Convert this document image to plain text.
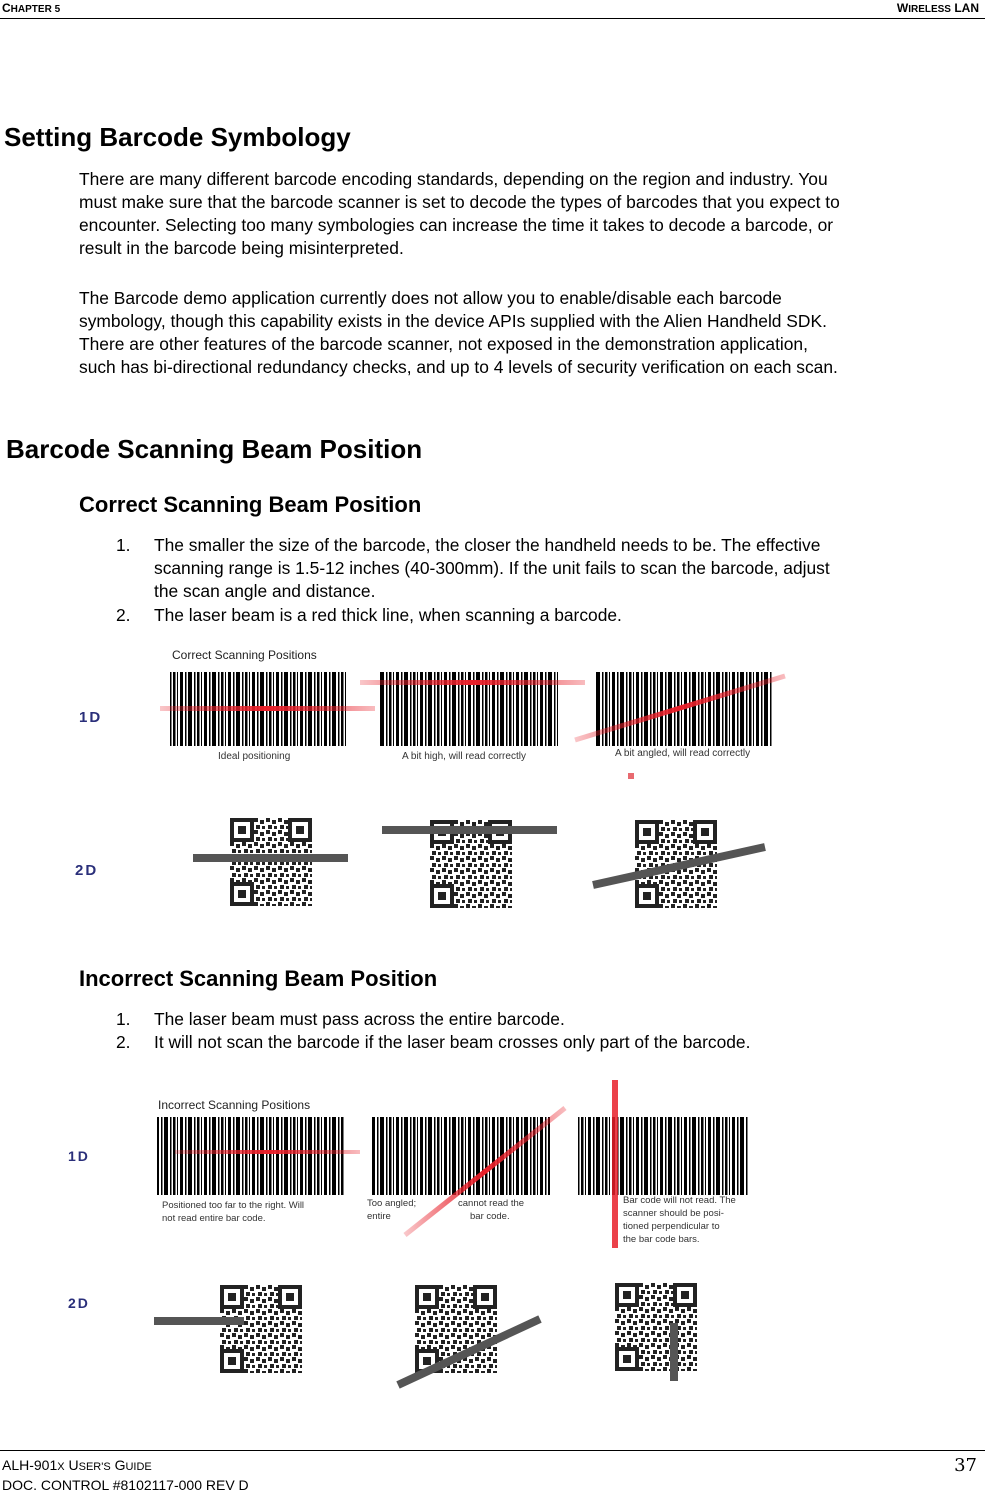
CHAPTER 5	WIRELESS LAN
Setting Barcode Symbology
There are many different barcode encoding standards, depending on the region and industry. You
must make sure that the barcode scanner is set to decode the types of barcodes that you expect to
encounter. Selecting too many symbologies can increase the time it takes to decode a barcode, or
result in the barcode being misinterpreted.
The Barcode demo application currently does not allow you to enable/disable each barcode
symbology, though this capability exists in the device APIs supplied with the Alien Handheld SDK.
There are other features of the barcode scanner, not exposed in the demonstration application,
such has bi-directional redundancy checks, and up to 4 levels of security verification on each scan.
Barcode Scanning Beam Position
Correct Scanning Beam Position
1. The smaller the size of the barcode, the closer the handheld needs to be. The effective
scanning range is 1.5-12 inches (40-300mm). If the unit fails to scan the barcode, adjust
the scan angle and distance.
2. The laser beam is a red thick line, when scanning a barcode.
Correct Scanning Positions
1D
2D
Ideal positioning	A bit high, will read correctly	A bit angled, will read correctly
Incorrect Scanning Beam Position
1. The laser beam must pass across the entire barcode.
2. It will not scan the barcode if the laser beam crosses only part of the barcode.
Incorrect Scanning Positions
1D
2D
Positioned too far to the right. Will not read entire bar code.
Too angled; entire
cannot read the bar code.
Bar code will not read. The scanner should be posi- tioned perpendicular to the bar code bars.
ALH-901X USER'S GUIDE
DOC. CONTROL #8102117-000 REV D
37
